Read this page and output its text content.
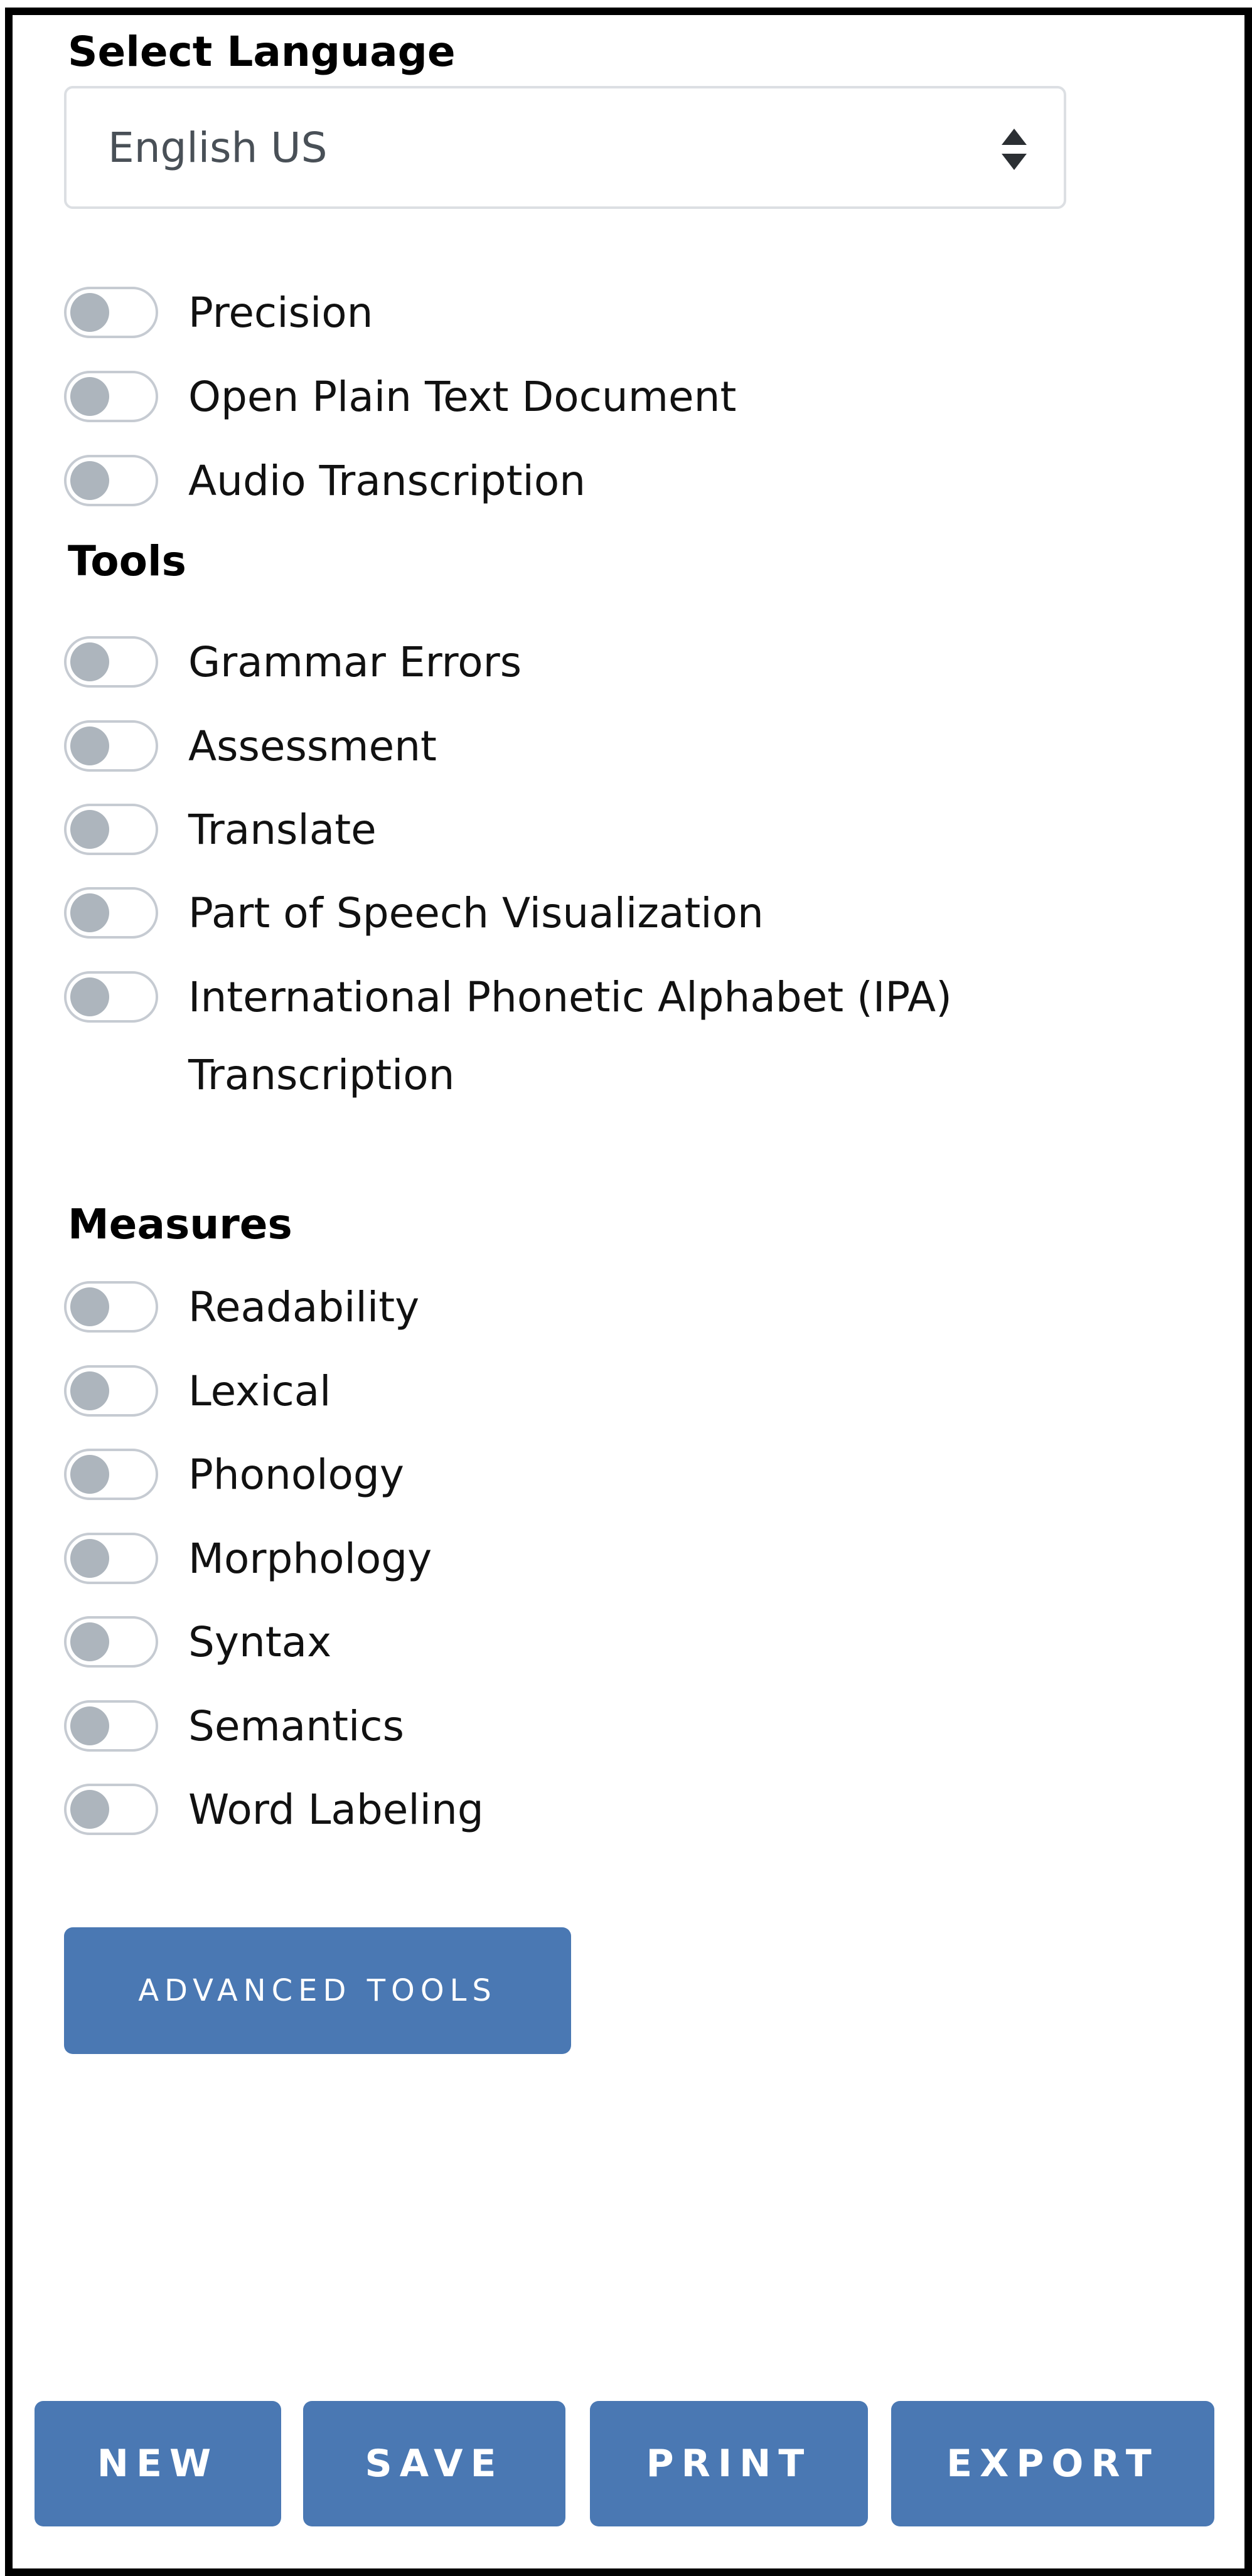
Select Language
English US
Precision
Open Plain Text Document
Audio Transcription
Tools
Grammar Errors
Assessment
Translate
Part of Speech Visualization
International Phonetic Alphabet (IPA)
Transcription
Measures
Readability
Lexical
Phonology
Morphology
Syntax
Semantics
Word Labeling
ADVANCED TOOLS
NEW	SAVE	PRINT	EXPORT
